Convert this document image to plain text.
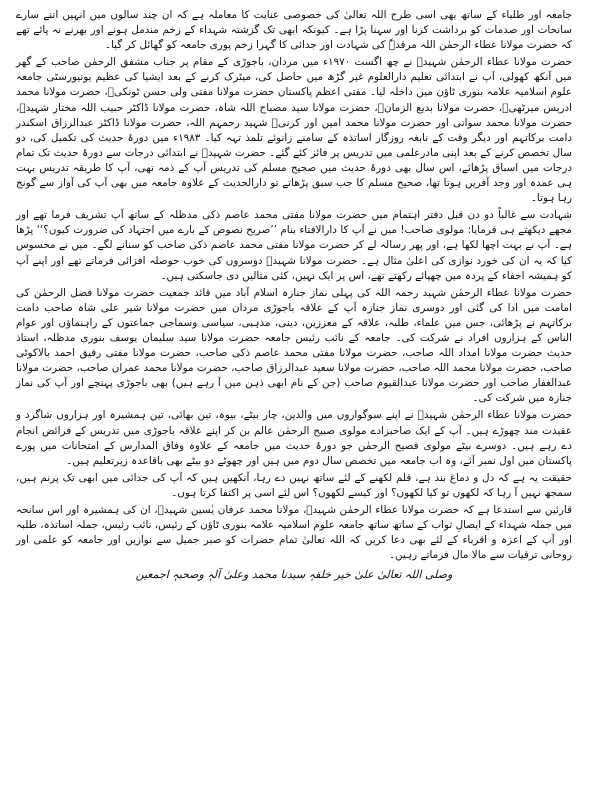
جامعہ اور طلباء کے ساتھ بھی اسی طرح اللہ تعالیٰ کی خصوصی عنایت کا معاملہ ہے کہ ان چند سالوں میں انہیں اتنے سارے سانحات اور صدمات کو برداشت کرنا اور سہنا پڑا ہے۔ کیونکہ ابھی تک گزشتہ شہداء کے زخم مندمل ہونے اور بھرنے نہ پائے تھے کہ حضرت مولانا عطاء الرحمٰن اللہ مرقدہٗ کی شہادت اور جدائی کا گہرا زخم پوری جامعہ کو گھائل کر گیا۔

حضرت مولانا عطاء الرحمٰن شہیدؒ نے چھ اگست ۱۹۷۰ء میں مردان، باجوڑی کے مقام پر جناب مشفق الرحمٰن صاحب کے گھر میں آنکھ کھولی، آپ نے ابتدائی تعلیم دارالعلوم غیر گڑھ میں حاصل کی، میٹرک کرنے کے بعد ایشیا کی عظیم یونیورسٹی جامعہ علوم اسلامیہ علامہ بنوری ٹاؤن میں داخلہ لیا۔ مفتی اعظم پاکستان حضرت مولانا مفتی ولی حسن ٹونکیؒ، حضرت مولانا محمد ادریس میرٹھیؒ، حضرت مولانا بدیع الزمانؒ، حضرت مولانا سید مصباح اللہ شاہ، حضرت مولانا ڈاکٹر حبیب اللہ مختار شہیدؒ، حضرت مولانا محمد سواتی اور حضرت مولانا محمد امین اور کرنیؒ شہید رحمہم اللہ، حضرت مولانا ڈاکٹر عبدالرزاق اسکندر دامت برکاتہم اور دیگر وقت کے نابغہ روزگار اساتذہ کے سامنے زانوئے تلمذ تہہ کیا۔ ۱۹۸۳ء میں دورۂ حدیث کی تکمیل کی، دو سال تخصص کرنے کے بعد اپنی مادرعلمی میں تدریس پر فائز کئے گئے۔ حضرت شہیدؒ نے ابتدائی درجات سے دورۂ حدیث تک تمام درجات میں اسباق پڑھائے، اس سال بھی دورۂ حدیث میں صحیح مسلم کی تدریس آپ کے ذمہ تھی، آپ کا طریقہ تدریس بہت ہی عمدہ اور وجد آفریں ہوتا تھا، صحیح مسلم کا جب سبق پڑھاتے تو دارالحدیث کے علاوہ جامعہ میں بھی آپ کی آواز سے گونج رہا ہوتا۔

شہادت سے غالباً دو دن قبل دفتر اہتمام میں حضرت مولانا مفتی محمد عاصم ذکی مدظلہ کے ساتھ آپ تشریف فرما تھے اور مجھے دیکھتے ہی فرمایا: مولوی صاحب! میں نے آپ کا دارالافتاء بنام ’’صریح نصوص کے بارے میں اجتہاد کی ضرورت کیوں؟‘‘ پڑھا ہے۔ آپ نے بہت اچھا لکھا ہے، اور پھر رسالہ لے کر حضرت مولانا مفتی محمد عاصم ذکی صاحب کو سنانے لگے۔ میں نے محسوس کیا کہ یہ ان کی خورد نوازی کی اعلیٰ مثال ہے۔ حضرت مولانا شہیدؒ دوسروں کی خوب حوصلہ افزائی فرماتے تھے اور اپنے آپ کو ہمیشہ اخفاء کے پردہ میں چھپائے رکھتے تھے، اس پر ایک نہیں، کئی مثالیں دی جاسکتی ہیں۔

حضرت مولانا عطاء الرحمٰن شہید رحمہ اللہ کی پہلی نماز جنازہ اسلام آباد میں قائد جمعیت حضرت مولانا فضل الرحمٰن کی امامت میں ادا کی گئی اور دوسری نماز جنازہ آپ کے علاقہ باجوڑی مردان میں حضرت مولانا شیر علی شاہ صاحب دامت برکاتہم نے پڑھائی، جس میں علماء، طلبہ، علاقہ کے معززین، دینی، مذہبی، سیاسی وسماجی جماعتوں کے راہنماؤں اور عوام الناس کے ہزاروں افراد نے شرکت کی۔ جامعہ کے نائب رئیس جامعہ حضرت مولانا سید سلیمان یوسف بنوری مدظلہ، استاذ حدیث حضرت مولانا امداد اللہ صاحب، حضرت مولانا مفتی محمد عاصم ذکی صاحب، حضرت مولانا مفتی رفیق احمد بالاکوٹی صاحب، حضرت مولانا محمد اللہ صاحب، حضرت مولانا سعید عبدالرزاق صاحب، حضرت مولانا محمد عمران صاحب، حضرت مولانا عبدالغفار صاحب اور حضرت مولانا عبدالقیوم صاحب (جن کے نام ابھی ذہن میں آ رہے ہیں) بھی باجوڑی پہنچے اور آپ کی نماز جنازہ میں شرکت کی۔

حضرت مولانا عطاء الرحمٰن شہیدؒ نے اپنے سوگواروں میں والدین، چار بیٹے، بیوہ، تین بھائی، تین ہمشیرہ اور ہزاروں شاگرد و عقیدت مند چھوڑے ہیں۔ آپ کے ایک صاحبزادے مولوی صبیح الرحمٰن عالم بن کر اپنے علاقہ باجوڑی میں تدریس کے فرائض انجام دے رہے ہیں۔ دوسرے بیٹے مولوی فصیح الرحمٰن جو دورۂ حدیث میں جامعہ کے علاوہ وفاق المدارس کے امتحانات میں پورے پاکستان میں اول نمبر آئے، وہ اب جامعہ میں تخصص سال دوم میں ہیں اور چھوٹے دو بیٹے بھی باقاعدہ زیرتعلیم ہیں۔

حقیقت یہ ہے کہ دل و دماغ بند ہے، قلم لکھنے کے لئے ساتھ نہیں دے رہا، آنکھیں ہیں کہ آپ کی جدائی میں ابھی تک پرنم ہیں، سمجھ نہیں آ رہا کہ لکھوں تو کیا لکھوں؟ اور کیسے لکھوں؟ اس لئے اسی پر اکتفا کرتا ہوں۔

قارئین سے استدعا ہے کہ حضرت مولانا عطاء الرحمٰن شہیدؒ، مولانا محمد عرفان یٰسین شہیدؒ، ان کی ہمشیرہ اور اس سانحہ میں جملہ شہداء کے ایصالِ ثواب کے ساتھ ساتھ جامعہ علوم اسلامیہ علامہ بنوری ٹاؤن کے رئیس، نائب رئیس، جملہ اساتذہ، طلبہ اور آپ کے اعزہ و اقرباء کے لئے بھی دعا کریں کہ اللہ تعالیٰ تمام حضرات کو صبر جمیل سے نوازیں اور جامعہ کو علمی اور روحانی ترقیات سے مالا مال فرماتے رہیں۔

وصلی اللہ تعالیٰ علیٰ خیر خلقہٖ سیدنا محمد وعلیٰ آلہٖ وصحبہٖ اجمعین
